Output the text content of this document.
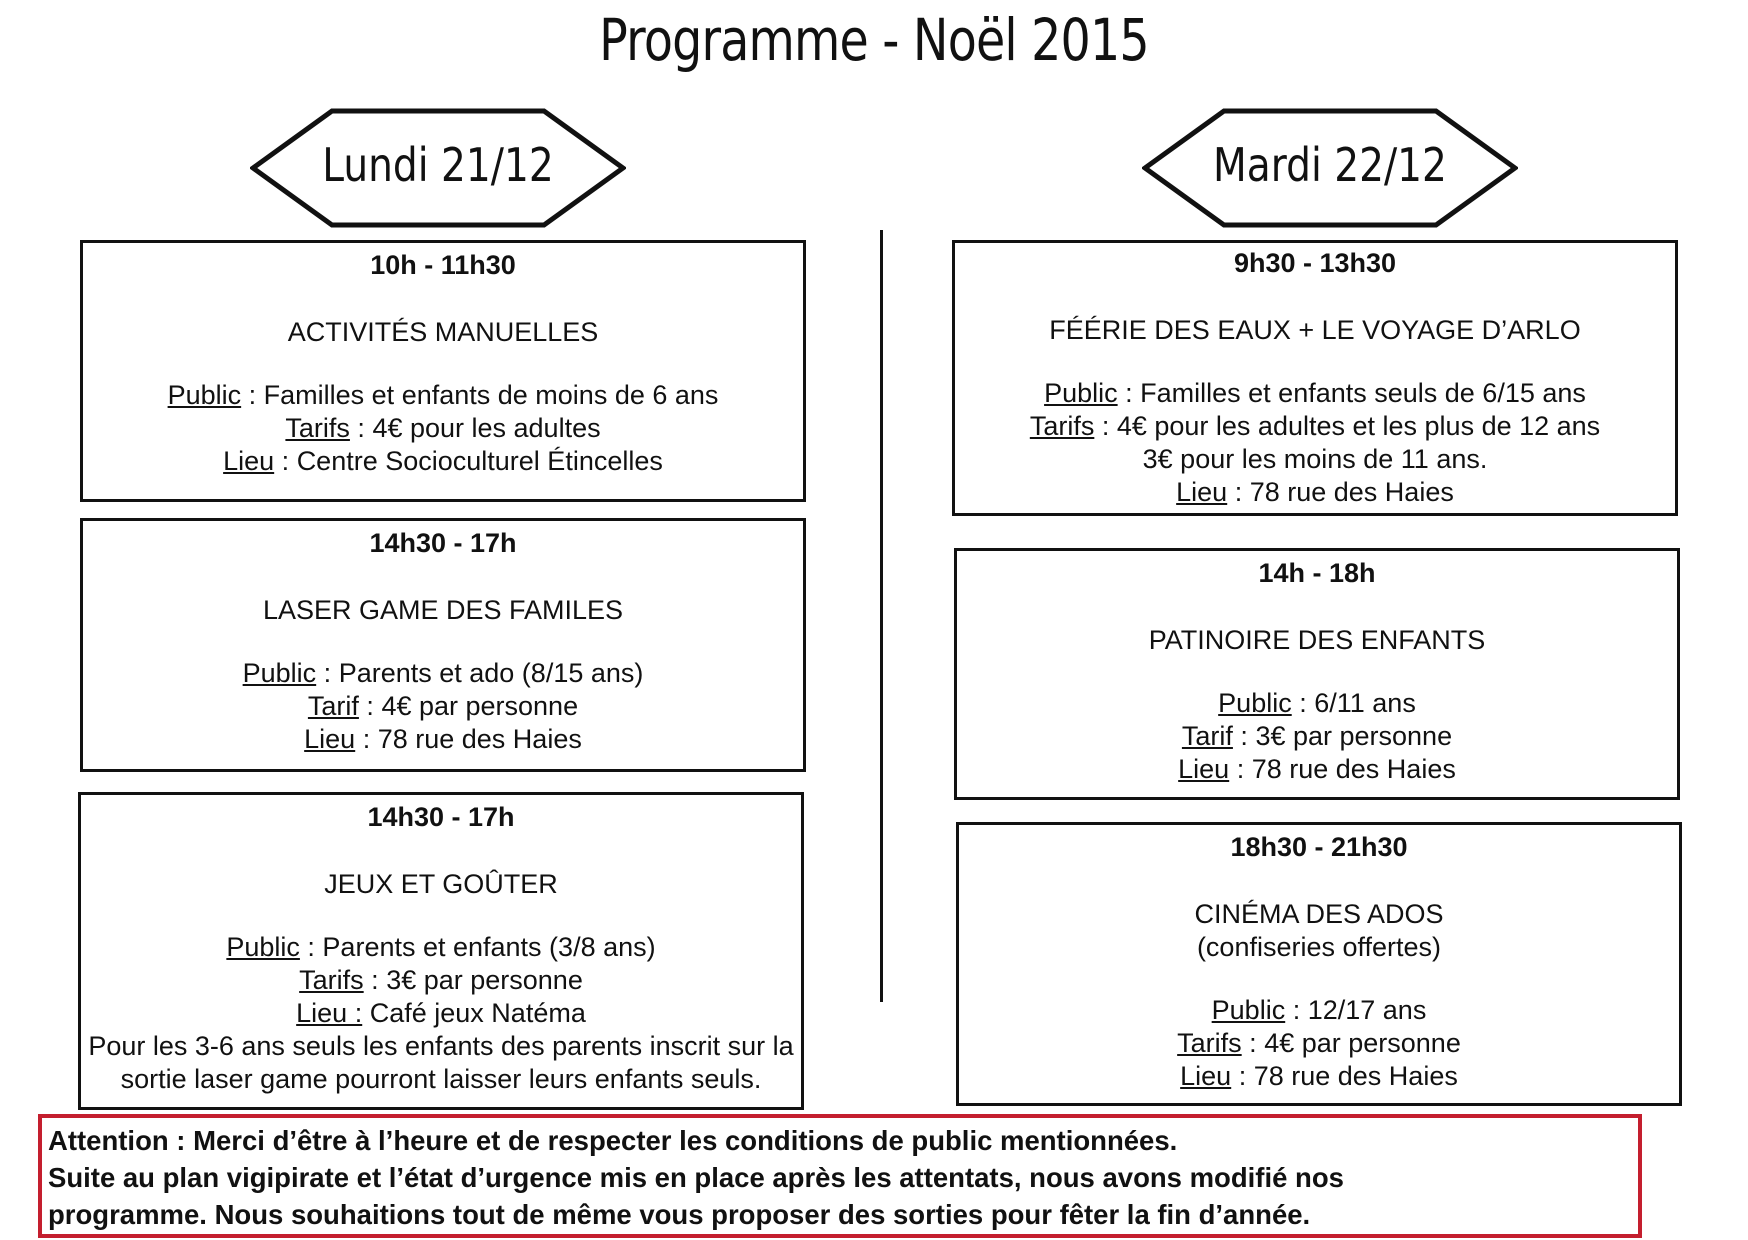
Programme - Noël 2015
Lundi 21/12	Mardi 22/12
10h - 11h30
ACTIVITÉS MANUELLES
Public : Familles et enfants de moins de 6 ans
Tarifs : 4€ pour les adultes
Lieu : Centre Socioculturel Étincelles
14h30 - 17h
LASER GAME DES FAMILES
Public : Parents et ado (8/15 ans)
Tarif : 4€ par personne
Lieu : 78 rue des Haies
14h30 - 17h
JEUX ET GOÛTER
Public : Parents et enfants (3/8 ans)
Tarifs : 3€ par personne
Lieu : Café jeux Natéma
Pour les 3-6 ans seuls les enfants des parents inscrit sur la
sortie laser game pourront laisser leurs enfants seuls.
9h30 - 13h30
FÉÉRIE DES EAUX + LE VOYAGE D’ARLO
Public : Familles et enfants seuls de 6/15 ans
Tarifs : 4€ pour les adultes et les plus de 12 ans
3€ pour les moins de 11 ans.
Lieu : 78 rue des Haies
14h - 18h
PATINOIRE DES ENFANTS
Public : 6/11 ans
Tarif : 3€ par personne
Lieu : 78 rue des Haies
18h30 - 21h30
CINÉMA DES ADOS
(confiseries offertes)
Public : 12/17 ans
Tarifs : 4€ par personne
Lieu : 78 rue des Haies
Attention : Merci d’être à l’heure et de respecter les conditions de public mentionnées.
Suite au plan vigipirate et l’état d’urgence mis en place après les attentats, nous avons modifié nos
programme. Nous souhaitions tout de même vous proposer des sorties pour fêter la fin d’année.
